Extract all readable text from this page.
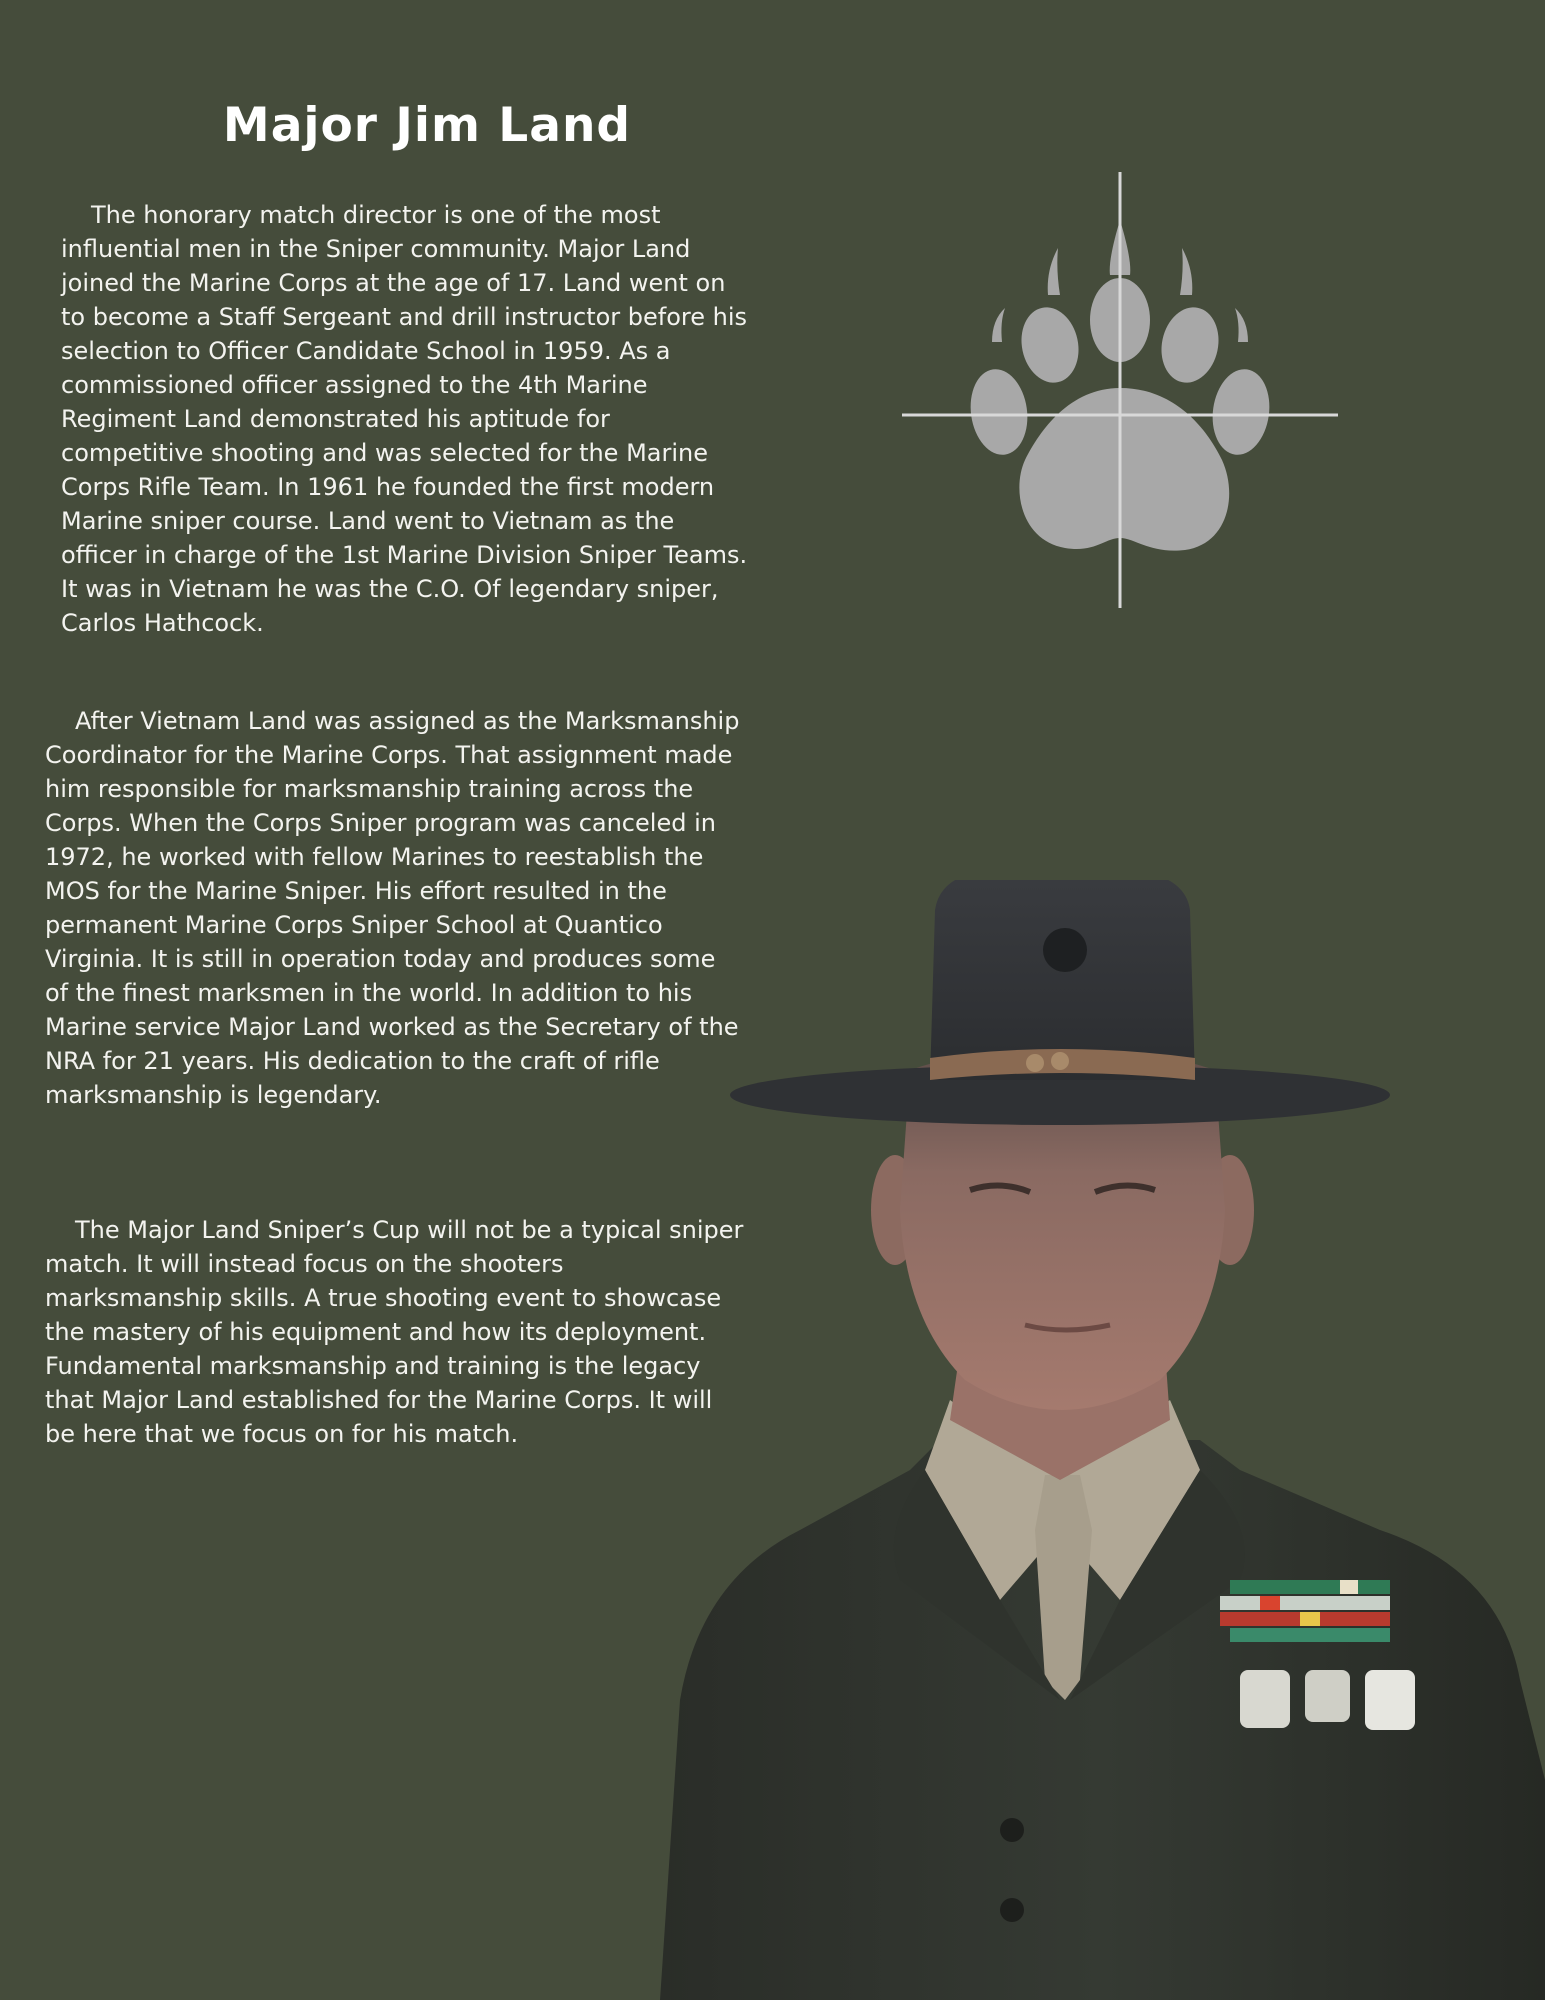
Major Jim Land

The honorary match director is one of the most influential men in the Sniper community. Major Land joined the Marine Corps at the age of 17. Land went on to become a Staff Sergeant and drill instructor before his selection to Officer Candidate School in 1959. As a commissioned officer assigned to the 4th Marine Regiment Land demonstrated his aptitude for competitive shooting and was selected for the Marine Corps Rifle Team. In 1961 he founded the first modern Marine sniper course. Land went to Vietnam as the officer in charge of the 1st Marine Division Sniper Teams. It was in Vietnam he was the C.O. Of legendary sniper, Carlos Hathcock.

After Vietnam Land was assigned as the Marksmanship Coordinator for the Marine Corps. That assignment made him responsible for marksmanship training across the Corps. When the Corps Sniper program was canceled in 1972, he worked with fellow Marines to reestablish the MOS for the Marine Sniper. His effort resulted in the permanent Marine Corps Sniper School at Quantico Virginia. It is still in operation today and produces some of the finest marksmen in the world. In addition to his Marine service Major Land worked as the Secretary of the NRA for 21 years. His dedication to the craft of rifle marksmanship is legendary.

The Major Land Sniper’s Cup will not be a typical sniper match. It will instead focus on the shooters marksmanship skills. A true shooting event to showcase the mastery of his equipment and how its deployment. Fundamental marksmanship and training is the legacy that Major Land established for the Marine Corps. It will be here that we focus on for his match.
